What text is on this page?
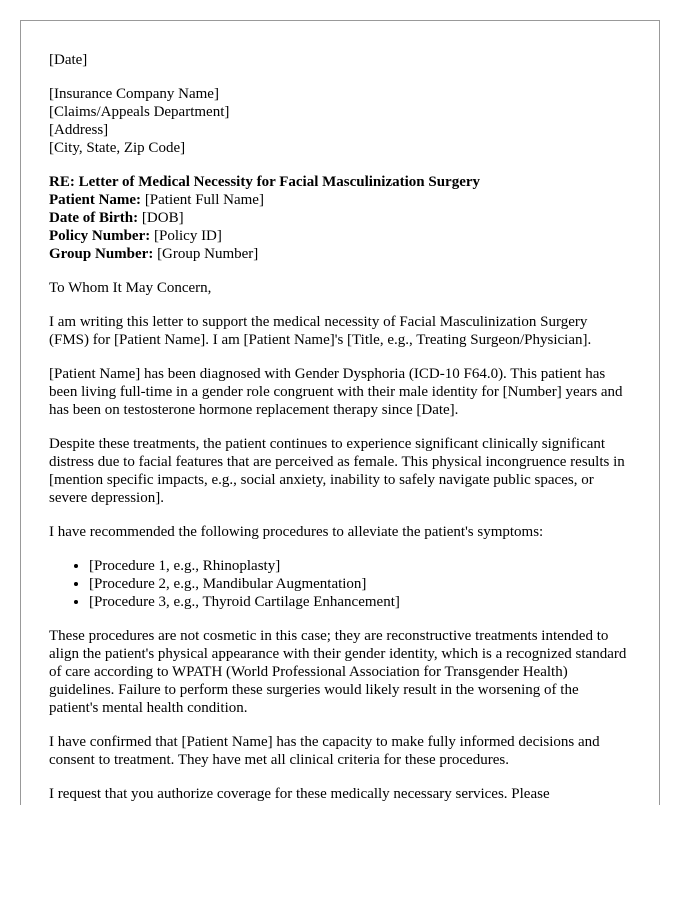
[Date]

[Insurance Company Name]
[Claims/Appeals Department]
[Address]
[City, State, Zip Code]
RE: Letter of Medical Necessity for Facial Masculinization Surgery
Patient Name: [Patient Full Name]
Date of Birth: [DOB]
Policy Number: [Policy ID]
Group Number: [Group Number]

To Whom It May Concern,

I am writing this letter to support the medical necessity of Facial Masculinization Surgery (FMS) for [Patient Name]. I am [Patient Name]'s [Title, e.g., Treating Surgeon/Physician].

[Patient Name] has been diagnosed with Gender Dysphoria (ICD-10 F64.0). This patient has been living full-time in a gender role congruent with their male identity for [Number] years and has been on testosterone hormone replacement therapy since [Date].

Despite these treatments, the patient continues to experience significant clinically significant distress due to facial features that are perceived as female. This physical incongruence results in [mention specific impacts, e.g., social anxiety, inability to safely navigate public spaces, or severe depression].

I have recommended the following procedures to alleviate the patient's symptoms:

• [Procedure 1, e.g., Rhinoplasty]
• [Procedure 2, e.g., Mandibular Augmentation]
• [Procedure 3, e.g., Thyroid Cartilage Enhancement]

These procedures are not cosmetic in this case; they are reconstructive treatments intended to align the patient's physical appearance with their gender identity, which is a recognized standard of care according to WPATH (World Professional Association for Transgender Health) guidelines. Failure to perform these surgeries would likely result in the worsening of the patient's mental health condition.

I have confirmed that [Patient Name] has the capacity to make fully informed decisions and consent to treatment. They have met all clinical criteria for these procedures.

I request that you authorize coverage for these medically necessary services. Please
